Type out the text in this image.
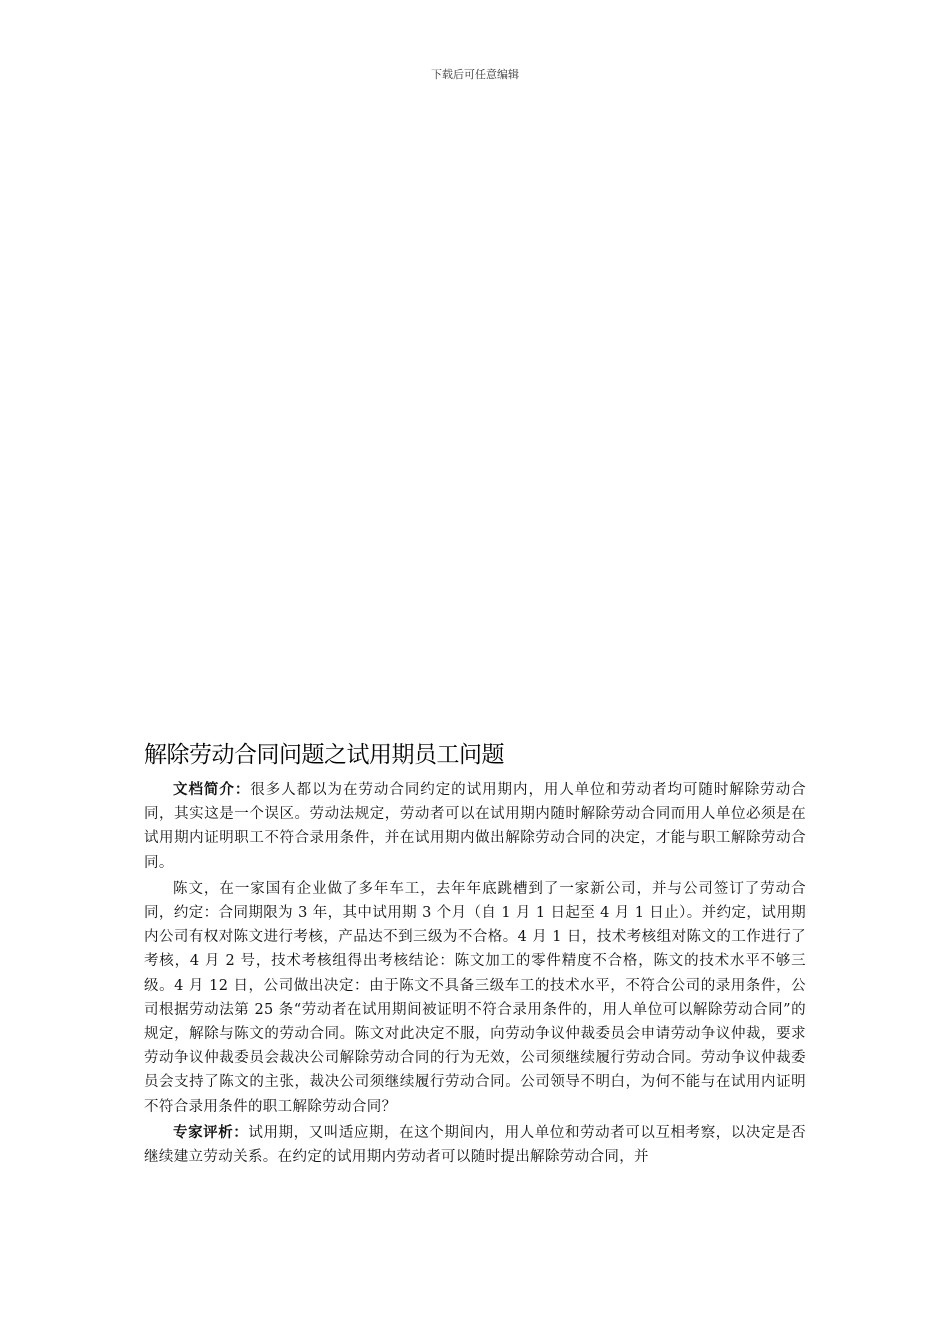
下载后可任意编辑
解除劳动合同问题之试用期员工问题

文档简介：很多人都以为在劳动合同约定的试用期内，用人单位和劳动者均可随时解除劳动合同，其实这是一个误区。劳动法规定，劳动者可以在试用期内随时解除劳动合同而用人单位必须是在试用期内证明职工不符合录用条件，并在试用期内做出解除劳动合同的决定，才能与职工解除劳动合同。

陈文，在一家国有企业做了多年车工，去年年底跳槽到了一家新公司，并与公司签订了劳动合同，约定：合同期限为 3 年，其中试用期 3 个月（自 1 月 1 日起至 4 月 1 日止）。并约定，试用期内公司有权对陈文进行考核，产品达不到三级为不合格。4 月 1 日，技术考核组对陈文的工作进行了考核，4 月 2 号，技术考核组得出考核结论：陈文加工的零件精度不合格，陈文的技术水平不够三级。4 月 12 日，公司做出决定：由于陈文不具备三级车工的技术水平，不符合公司的录用条件，公司根据劳动法第 25 条“劳动者在试用期间被证明不符合录用条件的，用人单位可以解除劳动合同”的规定，解除与陈文的劳动合同。陈文对此决定不服，向劳动争议仲裁委员会申请劳动争议仲裁，要求劳动争议仲裁委员会裁决公司解除劳动合同的行为无效，公司须继续履行劳动合同。劳动争议仲裁委员会支持了陈文的主张，裁决公司须继续履行劳动合同。公司领导不明白，为何不能与在试用内证明不符合录用条件的职工解除劳动合同？

专家评析：试用期，又叫适应期，在这个期间内，用人单位和劳动者可以互相考察，以决定是否继续建立劳动关系。在约定的试用期内劳动者可以随时提出解除劳动合同，并
